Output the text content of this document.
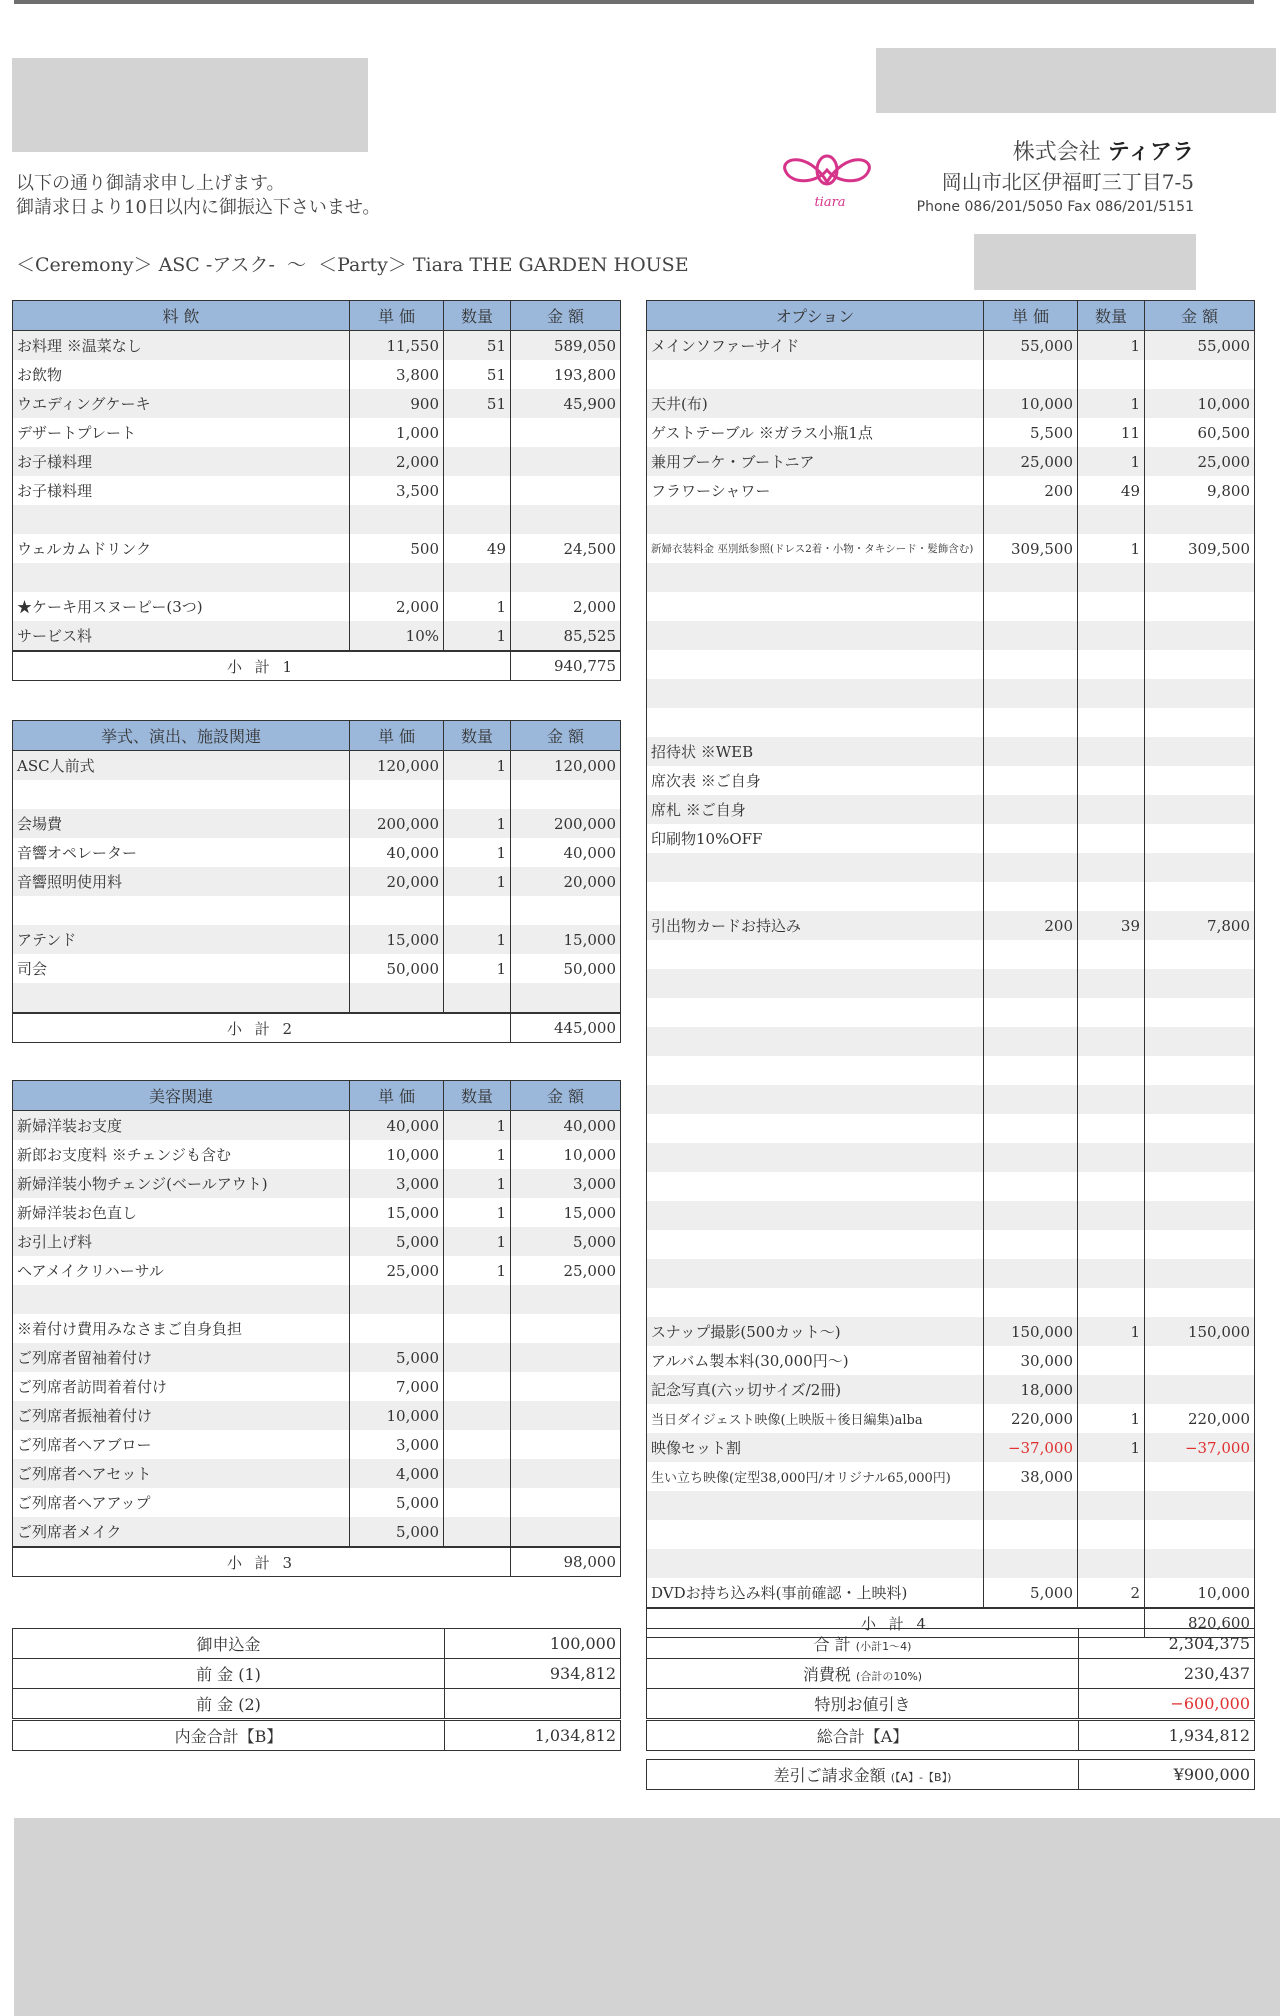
以下の通り御請求申し上げます。
御請求日より10日以内に御振込下さいませ。	tiara
株式会社 ティアラ
岡山市北区伊福町三丁目7-5
Phone 086/201/5050 Fax 086/201/5151
＜Ceremony＞ ASC -アスク-  〜  ＜Party＞ Tiara THE GARDEN HOUSE
料 飲	単 価	数量	金 額
お料理 ※温菜なし	11,550	51	589,050
お飲物	3,800	51	193,800
ウエディングケーキ	900	51	45,900
デザートプレート	1,000		
お子様料理	2,000		
お子様料理	3,500		

ウェルカムドリンク	500	49	24,500

★ケーキ用スヌーピー(3つ)	2,000	1	2,000
サービス料	10%	1	85,525
小 計 1			940,775
挙式、演出、施設関連	単 価	数量	金 額
ASC人前式	120,000	1	120,000

会場費	200,000	1	200,000
音響オペレーター	40,000	1	40,000
音響照明使用料	20,000	1	20,000

アテンド	15,000	1	15,000
司会	50,000	1	50,000

小 計 2			445,000
美容関連	単 価	数量	金 額
新婦洋装お支度	40,000	1	40,000
新郎お支度料 ※チェンジも含む	10,000	1	10,000
新婦洋装小物チェンジ(ベールアウト)	3,000	1	3,000
新婦洋装お色直し	15,000	1	15,000
お引上げ料	5,000	1	5,000
ヘアメイクリハーサル	25,000	1	25,000

※着付け費用みなさまご自身負担			
ご列席者留袖着付け	5,000		
ご列席者訪問着着付け	7,000		
ご列席者振袖着付け	10,000		
ご列席者ヘアブロー	3,000		
ご列席者ヘアセット	4,000		
ご列席者ヘアアップ	5,000		
ご列席者メイク	5,000		
小 計 3			98,000
オプション	単 価	数量	金 額
メインソファーサイド	55,000	1	55,000

天井(布)	10,000	1	10,000
ゲストテーブル ※ガラス小瓶1点	5,500	11	60,500
兼用ブーケ・ブートニア	25,000	1	25,000
フラワーシャワー	200	49	9,800

新婦衣装料金 巫別紙参照(ドレス2着・小物・タキシード・髪飾含む)	309,500	1	309,500

招待状 ※WEB			
席次表 ※ご自身			
席札 ※ご自身			
印刷物10%OFF			

引出物カードお持込み	200	39	7,800

スナップ撮影(500カット〜)	150,000	1	150,000
アルバム製本料(30,000円〜)	30,000		
記念写真(六ッ切サイズ/2冊)	18,000		
当日ダイジェスト映像(上映版＋後日編集)alba	220,000	1	220,000
映像セット割	−37,000	1	−37,000
生い立ち映像(定型38,000円/オリジナル65,000円)	38,000		

DVDお持ち込み料(事前確認・上映料)	5,000	2	10,000
小 計 4			820,600
御申込金	100,000
前 金 (1)	934,812
前 金 (2)	
内金合計【B】	1,034,812
合 計 (小計1〜4)	2,304,375
消費税 (合計の10%)	230,437
特別お値引き	−600,000
総合計【A】	1,934,812

差引ご請求金額 (【A】-【B】)	¥900,000
